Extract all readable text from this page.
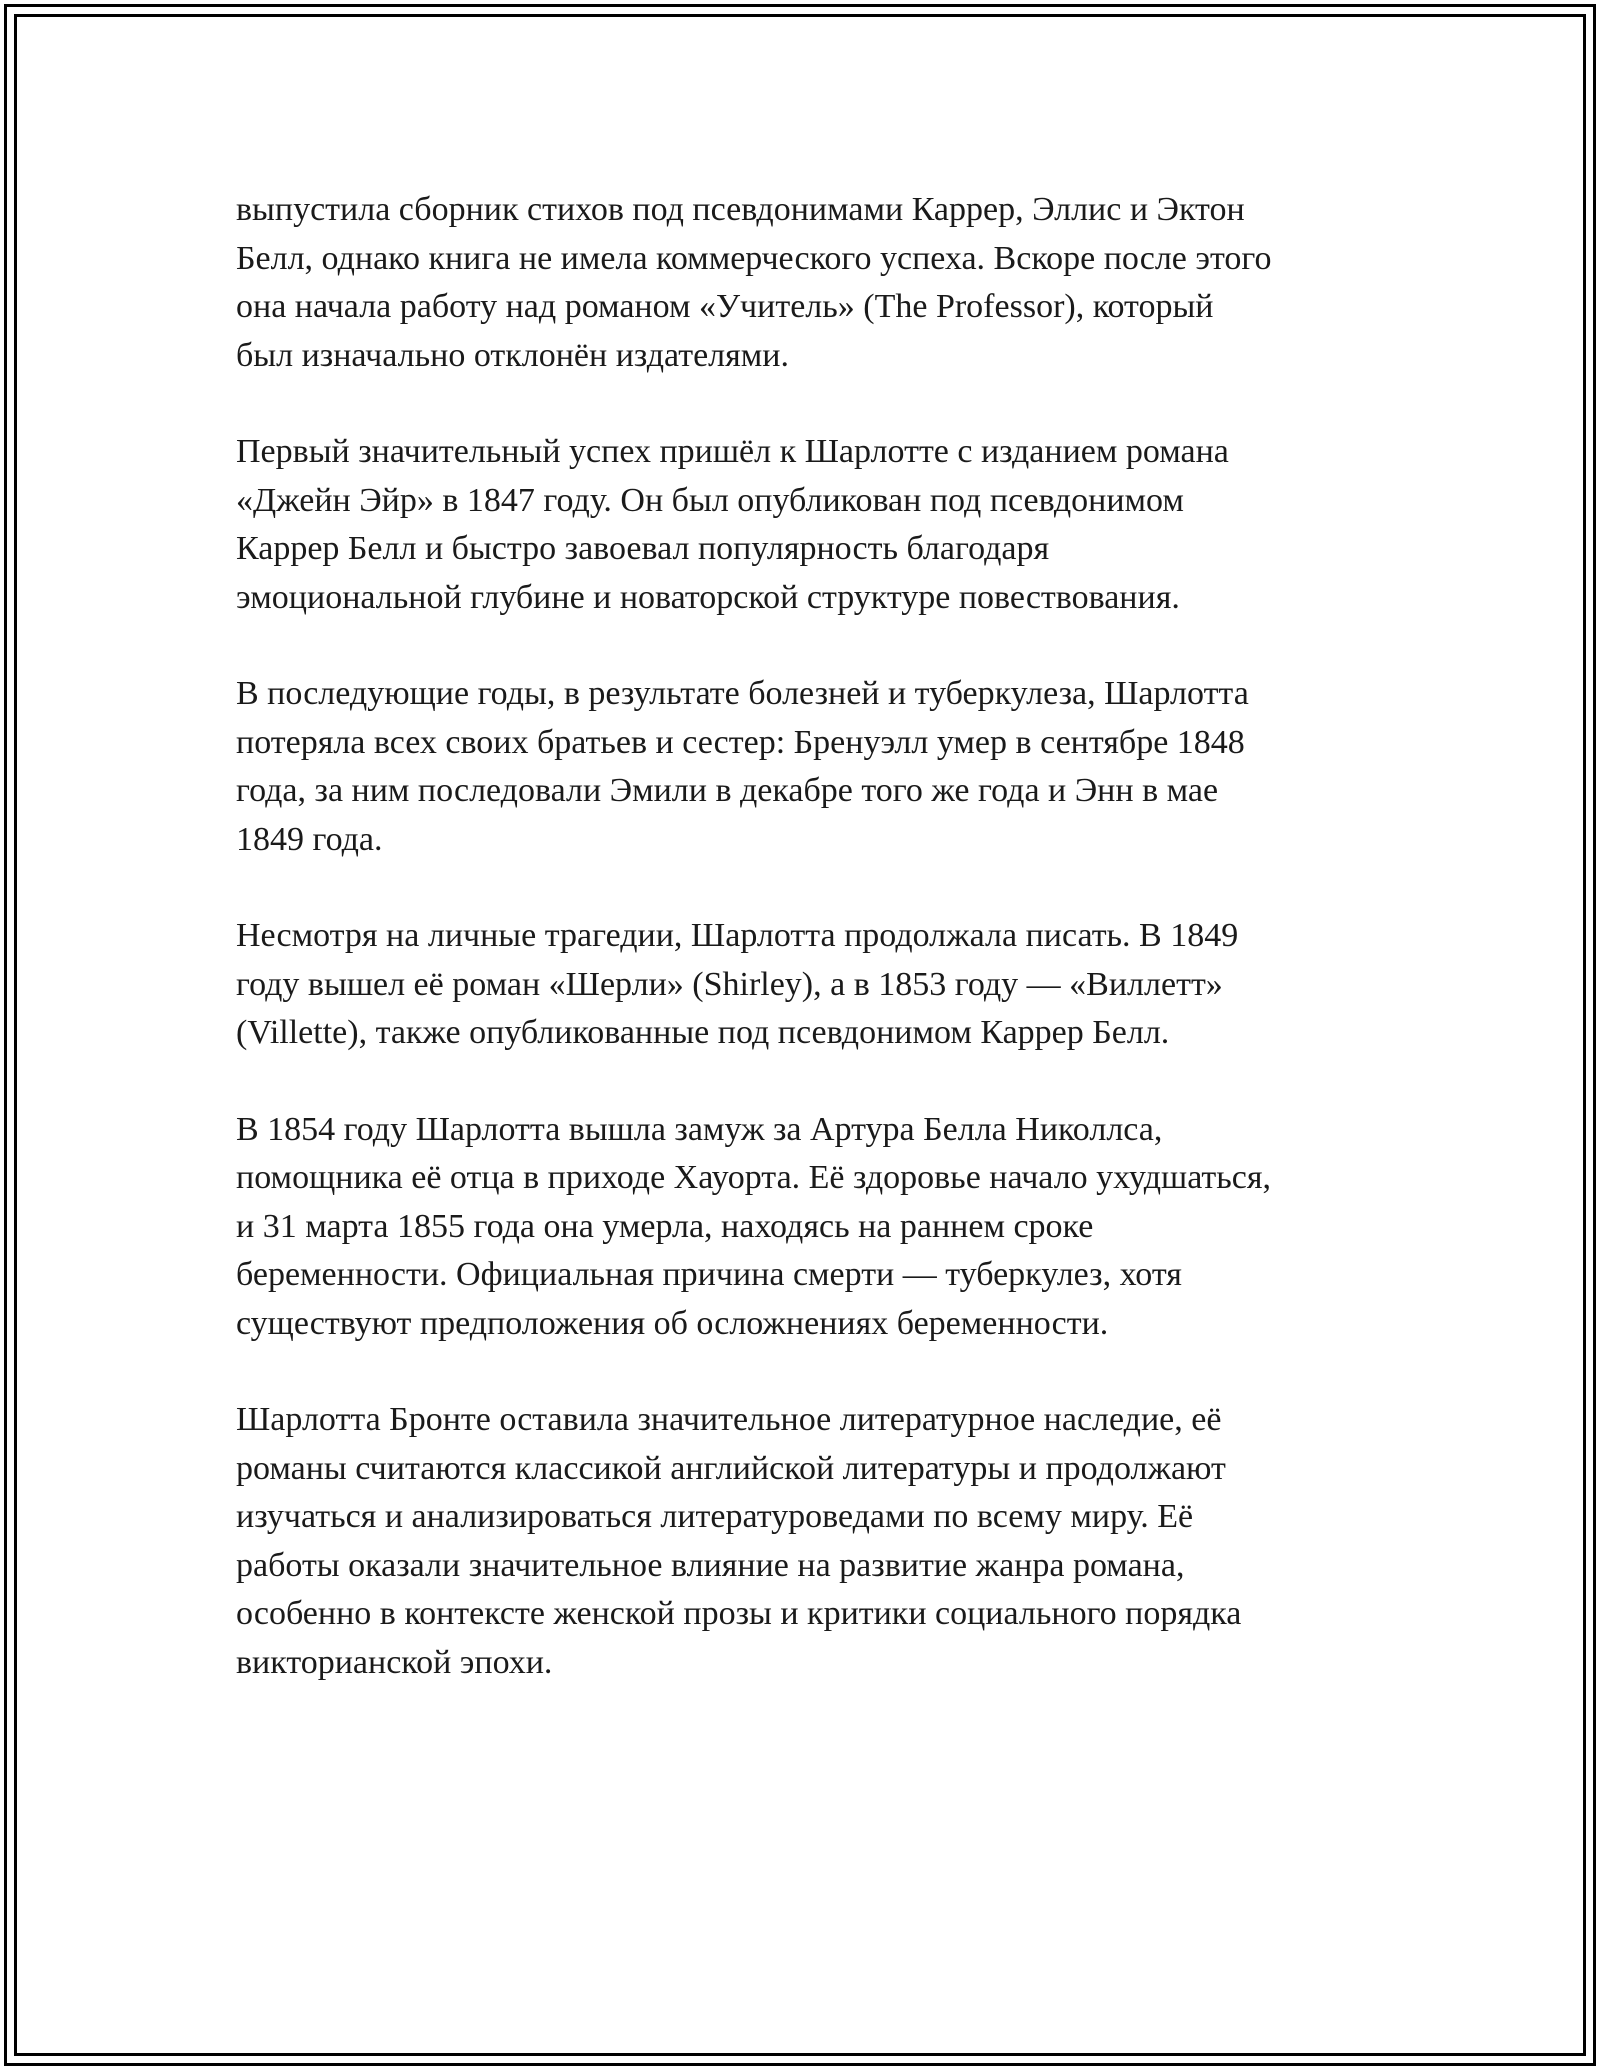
выпустила сборник стихов под псевдонимами Каррер, Эллис и Эктон
Белл, однако книга не имела коммерческого успеха. Вскоре после этого
она начала работу над романом «Учитель» (The Professor), который
был изначально отклонён издателями.

Первый значительный успех пришёл к Шарлотте с изданием романа
«Джейн Эйр» в 1847 году. Он был опубликован под псевдонимом
Каррер Белл и быстро завоевал популярность благодаря
эмоциональной глубине и новаторской структуре повествования.

В последующие годы, в результате болезней и туберкулеза, Шарлотта
потеряла всех своих братьев и сестер: Бренуэлл умер в сентябре 1848
года, за ним последовали Эмили в декабре того же года и Энн в мае
1849 года.

Несмотря на личные трагедии, Шарлотта продолжала писать. В 1849
году вышел её роман «Шерли» (Shirley), а в 1853 году — «Виллетт»
(Villette), также опубликованные под псевдонимом Каррер Белл.

В 1854 году Шарлотта вышла замуж за Артура Белла Николлса,
помощника её отца в приходе Хауорта. Её здоровье начало ухудшаться,
и 31 марта 1855 года она умерла, находясь на раннем сроке
беременности. Официальная причина смерти — туберкулез, хотя
существуют предположения об осложнениях беременности.

Шарлотта Бронте оставила значительное литературное наследие, её
романы считаются классикой английской литературы и продолжают
изучаться и анализироваться литературоведами по всему миру. Её
работы оказали значительное влияние на развитие жанра романа,
особенно в контексте женской прозы и критики социального порядка
викторианской эпохи.
